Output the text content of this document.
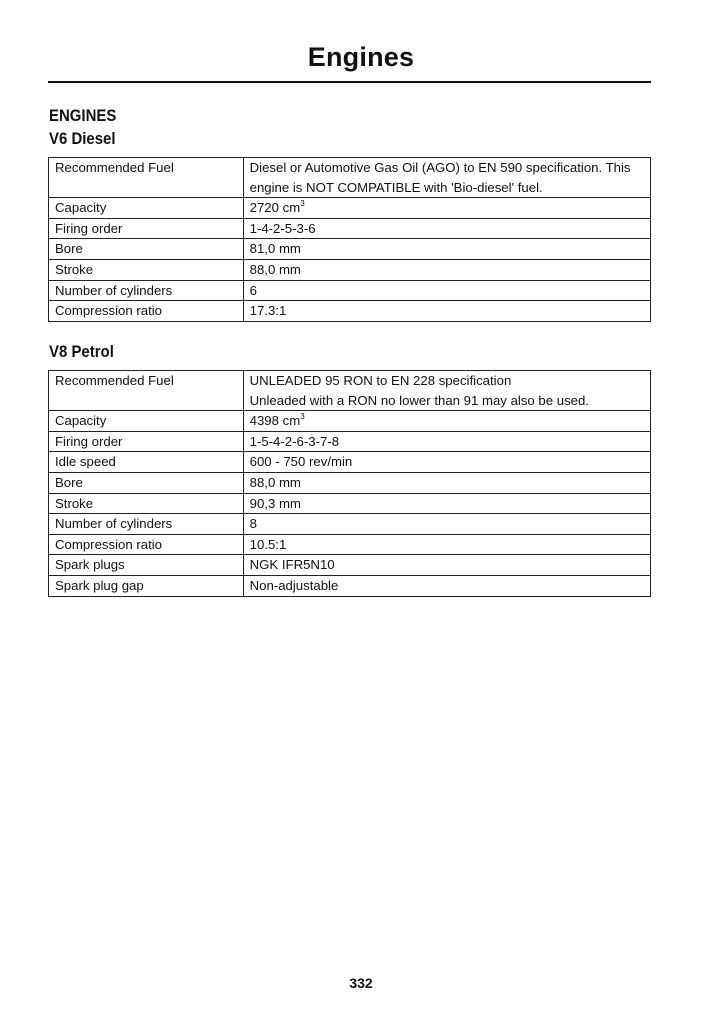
Engines
ENGINES
V6 Diesel
Recommended Fuel	Diesel or Automotive Gas Oil (AGO) to EN 590 specification. This
engine is NOT COMPATIBLE with 'Bio-diesel' fuel.

Capacity	2720 $cm^3$
Firing order	1-4-2-5-3-6
Bore	81,0 mm
Stroke	88,0 mm
Number of cylinders	6
Compression ratio	17.3:1
V8 Petrol
Recommended Fuel	UNLEADED 95 RON to EN 228 specification
Unleaded with a RON no lower than 91 may also be used.

Capacity	4398 $cm^3$
Firing order	1-5-4-2-6-3-7-8
Idle speed	600 - 750 rev/min
Bore	88,0 mm
Stroke	90,3 mm
Number of cylinders	8
Compression ratio	10.5:1
Spark plugs	NGK IFR5N10
Spark plug gap	Non-adjustable
332
